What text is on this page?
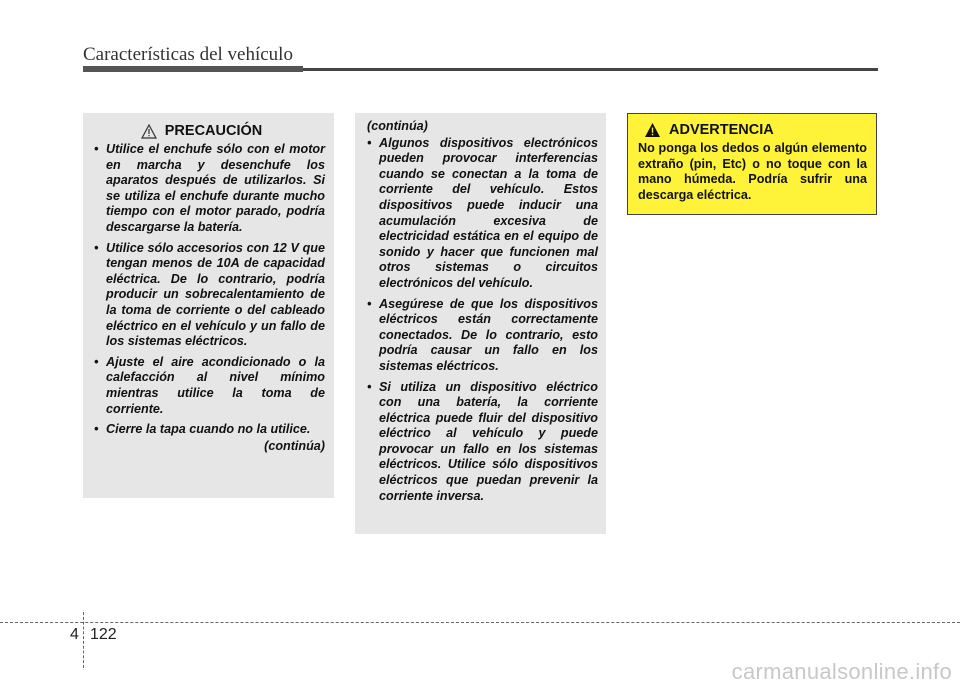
Características del vehículo
PRECAUCIÓN
• Utilice el enchufe sólo con el motor en marcha y desenchufe los aparatos después de utilizarlos. Si se utiliza el enchufe durante mucho tiempo con el motor parado, podría descargarse la batería.
• Utilice sólo accesorios con 12 V que tengan menos de 10A de capacidad eléctrica. De lo contrario, podría producir un sobrecalentamiento de la toma de corriente o del cableado eléctrico en el vehículo y un fallo de los sistemas eléctricos.
• Ajuste el aire acondicionado o la calefacción al nivel mínimo mientras utilice la toma de corriente.
• Cierre la tapa cuando no la utilice.
(continúa)
(continúa)
• Algunos dispositivos electrónicos pueden provocar interferencias cuando se conectan a la toma de corriente del vehículo. Estos dispositivos puede inducir una acumulación excesiva de electricidad estática en el equipo de sonido y hacer que funcionen mal otros sistemas o circuitos electrónicos del vehículo.
• Asegúrese de que los dispositivos eléctricos están correctamente conectados. De lo contrario, esto podría causar un fallo en los sistemas eléctricos.
• Si utiliza un dispositivo eléctrico con una batería, la corriente eléctrica puede fluir del dispositivo eléctrico al vehículo y puede provocar un fallo en los sistemas eléctricos. Utilice sólo dispositivos eléctricos que puedan prevenir la corriente inversa.
ADVERTENCIA
No ponga los dedos o algún elemento extraño (pin, Etc) o no toque con la mano húmeda. Podría sufrir una descarga eléctrica.
4 122
carmanualsonline.info
